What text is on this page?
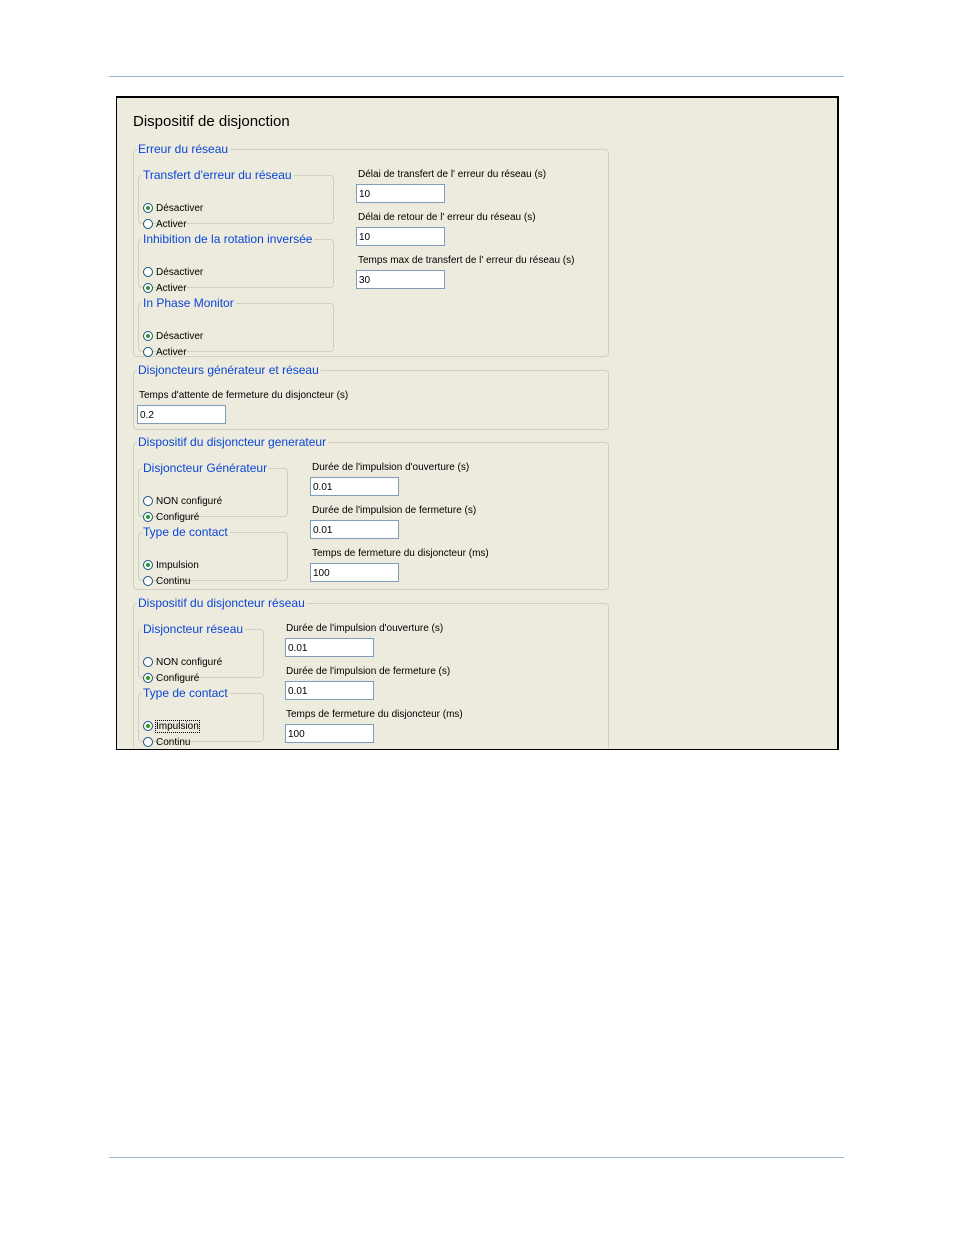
Dispositif de disjonction
Erreur du réseau
Transfert d'erreur du réseau
Désactiver
Activer
Inhibition de la rotation inversée
Désactiver
Activer
In Phase Monitor
Désactiver
Activer
Délai de transfert de l' erreur du réseau (s)
10
Délai de retour de l' erreur du réseau (s)
10
Temps max de transfert de l' erreur du réseau (s)
30
Disjoncteurs générateur et réseau
Temps d'attente de fermeture du disjoncteur (s)
0.2
Dispositif du disjoncteur generateur
Disjoncteur Générateur
NON configuré
Configuré
Type de contact
Impulsion
Continu
Durée de l'impulsion d'ouverture (s)
0.01
Durée de l'impulsion de fermeture (s)
0.01
Temps de fermeture du disjoncteur (ms)
100
Dispositif du disjoncteur réseau
Disjoncteur réseau
NON configuré
Configuré
Type de contact
Impulsion
Continu
Durée de l'impulsion d'ouverture (s)
0.01
Durée de l'impulsion de fermeture (s)
0.01
Temps de fermeture du disjoncteur (ms)
100
